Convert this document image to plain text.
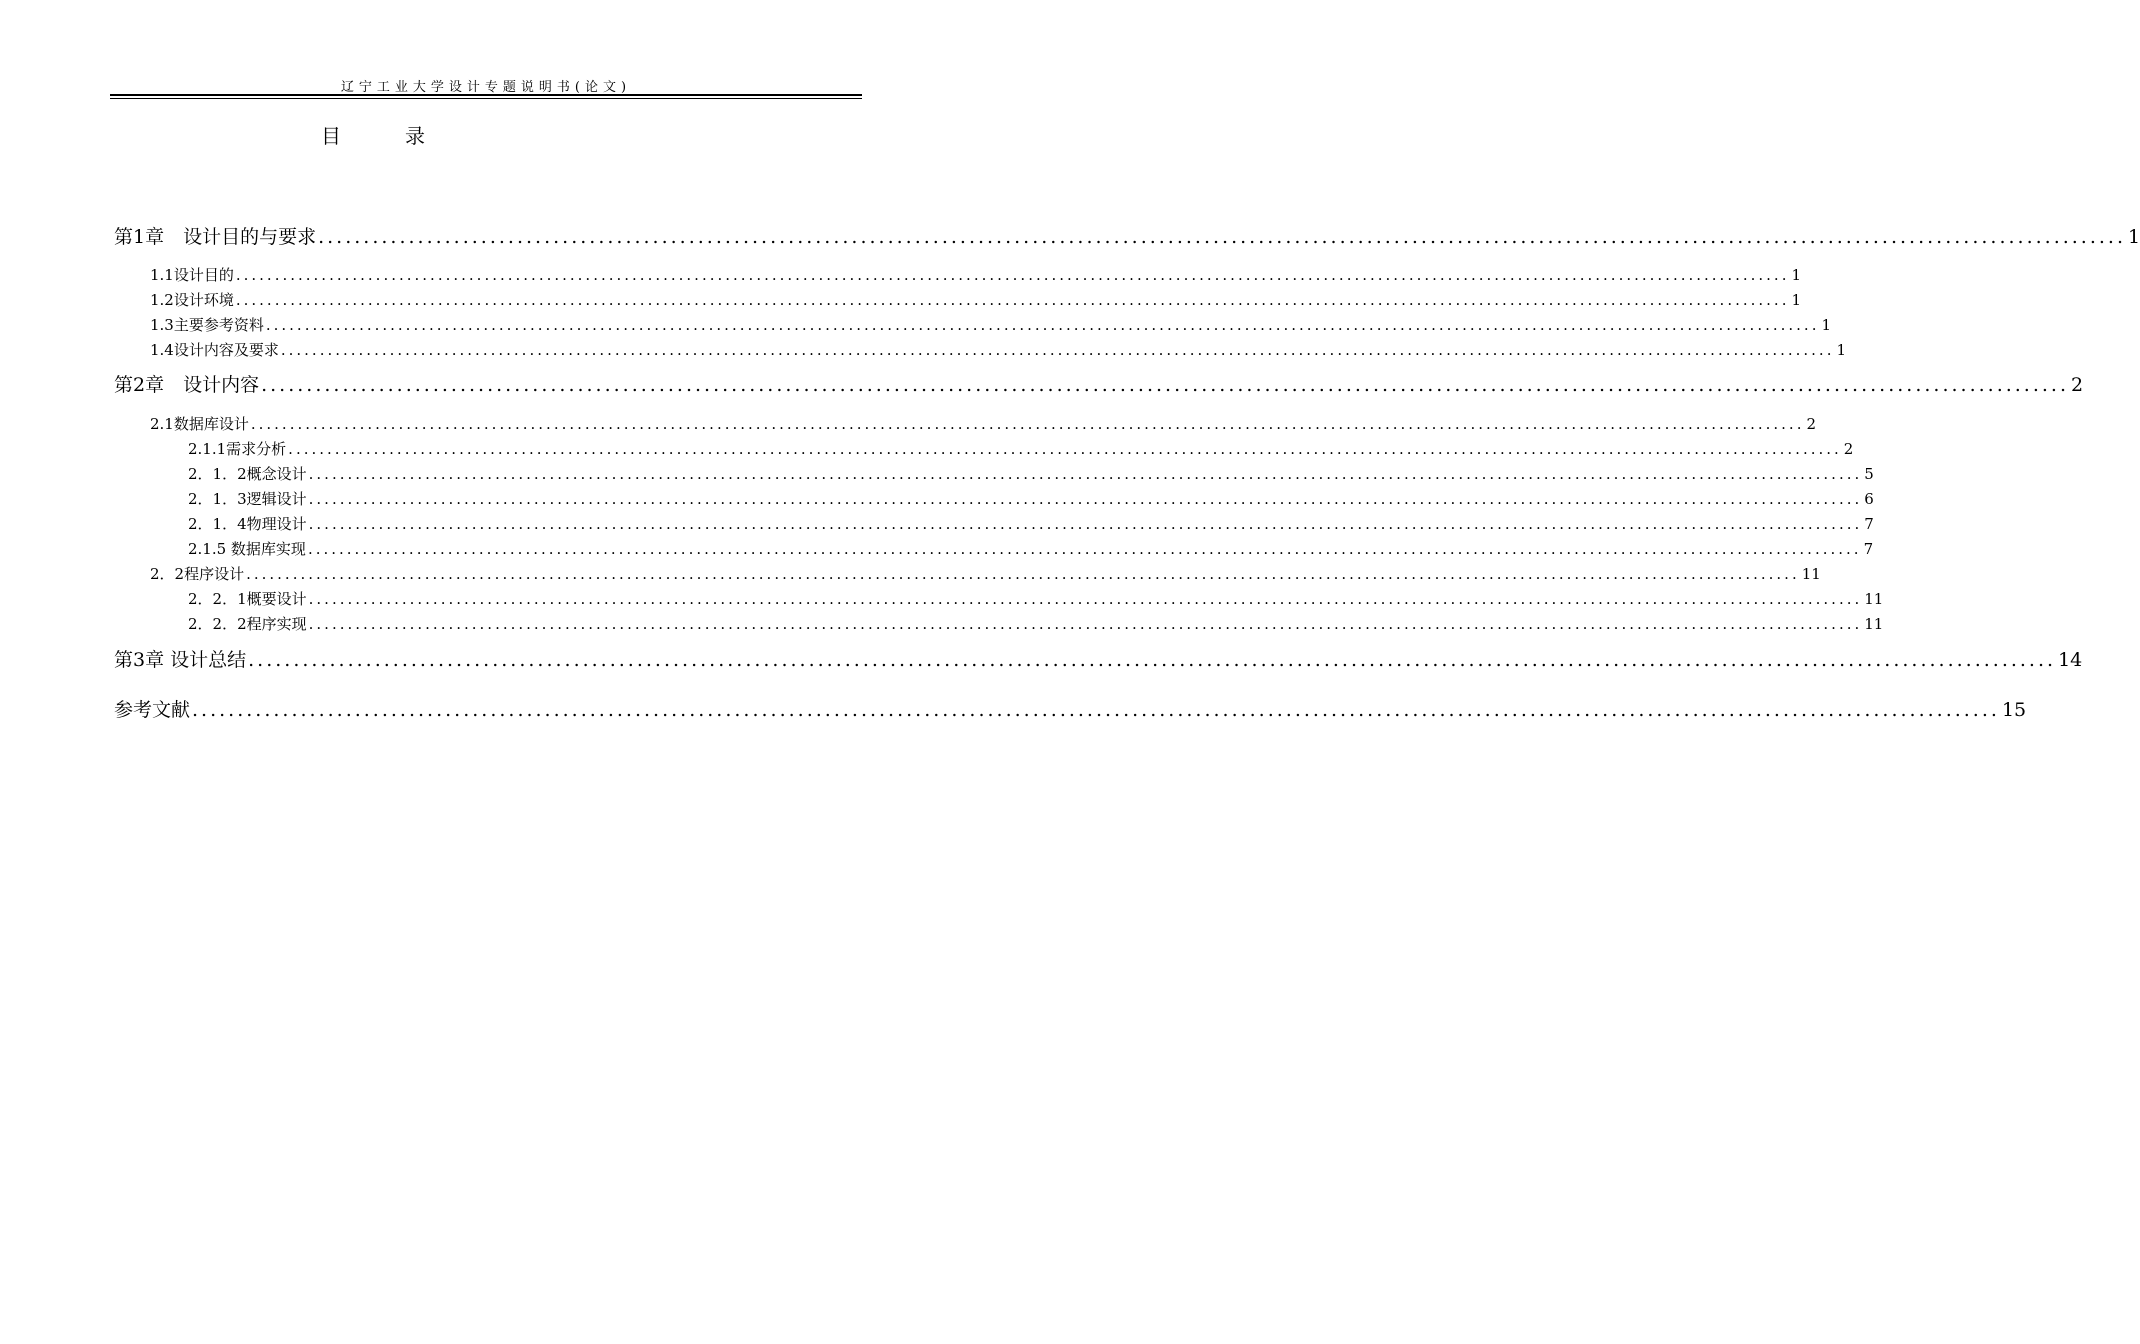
辽宁工业大学设计专题说明书(论文)
目录
第1章　设计目的与要求 ........................................................................................................................................................................................................ 1
1.1设计目的 ........................................................................................................................................................................................................ 1
1.2设计环境 ........................................................................................................................................................................................................ 1
1.3主要参考资料 ........................................................................................................................................................................................................ 1
1.4设计内容及要求 ........................................................................................................................................................................................................ 1
第2章　设计内容 ........................................................................................................................................................................................................ 2
2.1数据库设计 ........................................................................................................................................................................................................ 2
2.1.1需求分析 ........................................................................................................................................................................................................ 2
2．1．2概念设计 ........................................................................................................................................................................................................ 5
2．1．3逻辑设计 ........................................................................................................................................................................................................ 6
2．1．4物理设计 ........................................................................................................................................................................................................ 7
2.1.5 数据库实现 ........................................................................................................................................................................................................ 7
2．2程序设计 ........................................................................................................................................................................................................ 11
2．2．1概要设计 ........................................................................................................................................................................................................ 11
2．2．2程序实现 ........................................................................................................................................................................................................ 11
第3章 设计总结 ........................................................................................................................................................................................................ 14
参考文献 ........................................................................................................................................................................................................ 15
